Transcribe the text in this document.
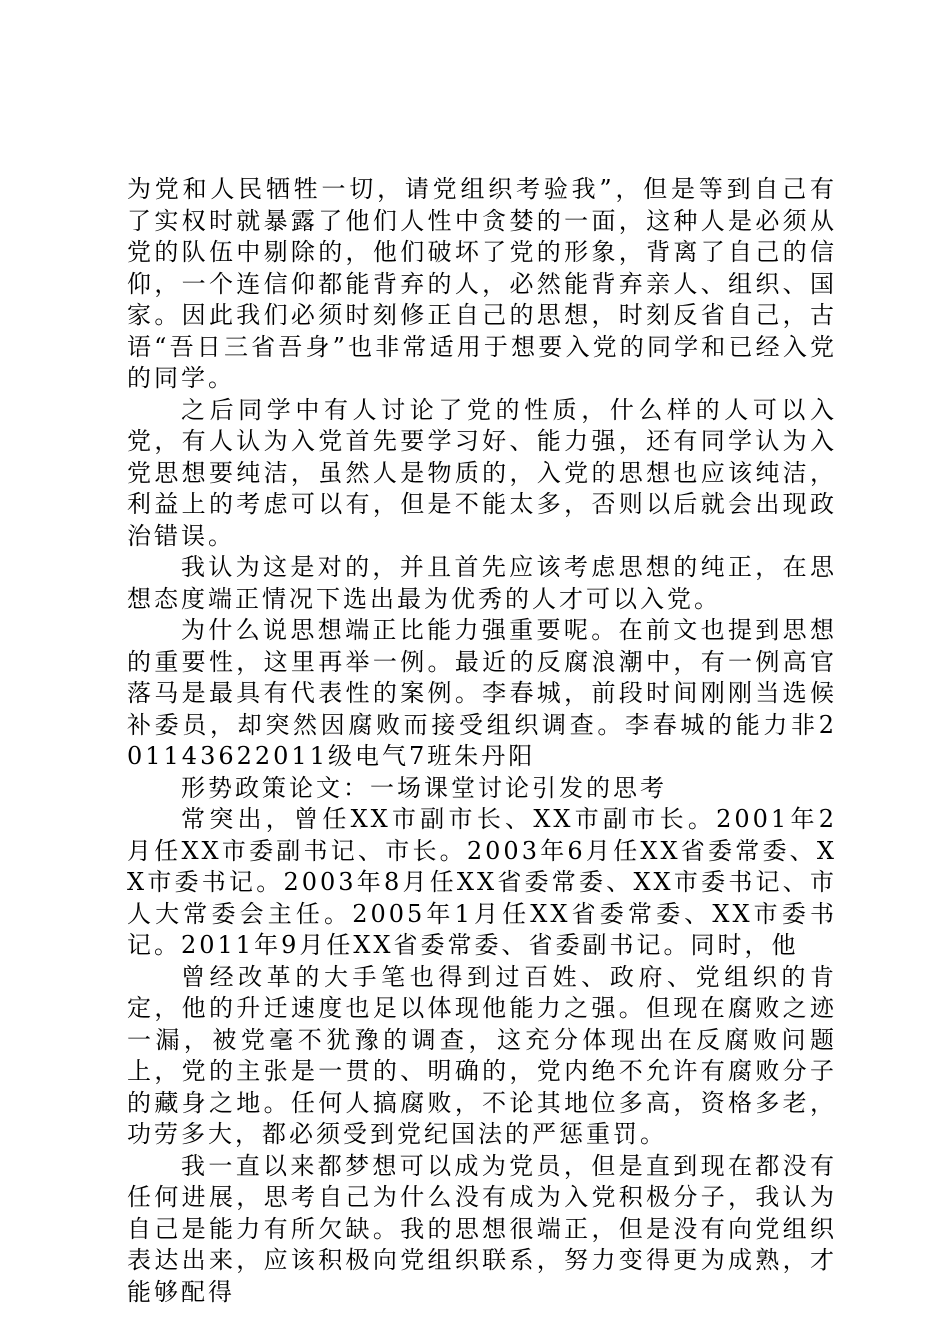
为党和人民牺牲一切，请党组织考验我”，但是等到自己有了实权时就暴露了他们人性中贪婪的一面，这种人是必须从党的队伍中剔除的，他们破坏了党的形象，背离了自己的信仰，一个连信仰都能背弃的人，必然能背弃亲人、组织、国家。因此我们必须时刻修正自己的思想，时刻反省自己，古语“吾日三省吾身”也非常适用于想要入党的同学和已经入党的同学。

之后同学中有人讨论了党的性质，什么样的人可以入党，有人认为入党首先要学习好、能力强，还有同学认为入党思想要纯洁，虽然人是物质的，入党的思想也应该纯洁，利益上的考虑可以有，但是不能太多，否则以后就会出现政治错误。

我认为这是对的，并且首先应该考虑思想的纯正，在思想态度端正情况下选出最为优秀的人才可以入党。

为什么说思想端正比能力强重要呢。在前文也提到思想的重要性，这里再举一例。最近的反腐浪潮中，有一例高官落马是最具有代表性的案例。李春城，前段时间刚刚当选候补委员，却突然因腐败而接受组织调查。李春城的能力非201143622011级电气7班朱丹阳

形势政策论文：一场课堂讨论引发的思考

常突出，曾任XX市副市长、XX市副市长。2001年2月任XX市委副书记、市长。2003年6月任XX省委常委、XX市委书记。2003年8月任XX省委常委、XX市委书记、市人大常委会主任。2005年1月任XX省委常委、XX市委书记。2011年9月任XX省委常委、省委副书记。同时，他

曾经改革的大手笔也得到过百姓、政府、党组织的肯定，他的升迁速度也足以体现他能力之强。但现在腐败之迹一漏，被党毫不犹豫的调查，这充分体现出在反腐败问题上，党的主张是一贯的、明确的，党内绝不允许有腐败分子的藏身之地。任何人搞腐败，不论其地位多高，资格多老，功劳多大，都必须受到党纪国法的严惩重罚。

我一直以来都梦想可以成为党员，但是直到现在都没有任何进展，思考自己为什么没有成为入党积极分子，我认为自己是能力有所欠缺。我的思想很端正，但是没有向党组织表达出来，应该积极向党组织联系，努力变得更为成熟，才能够配得
